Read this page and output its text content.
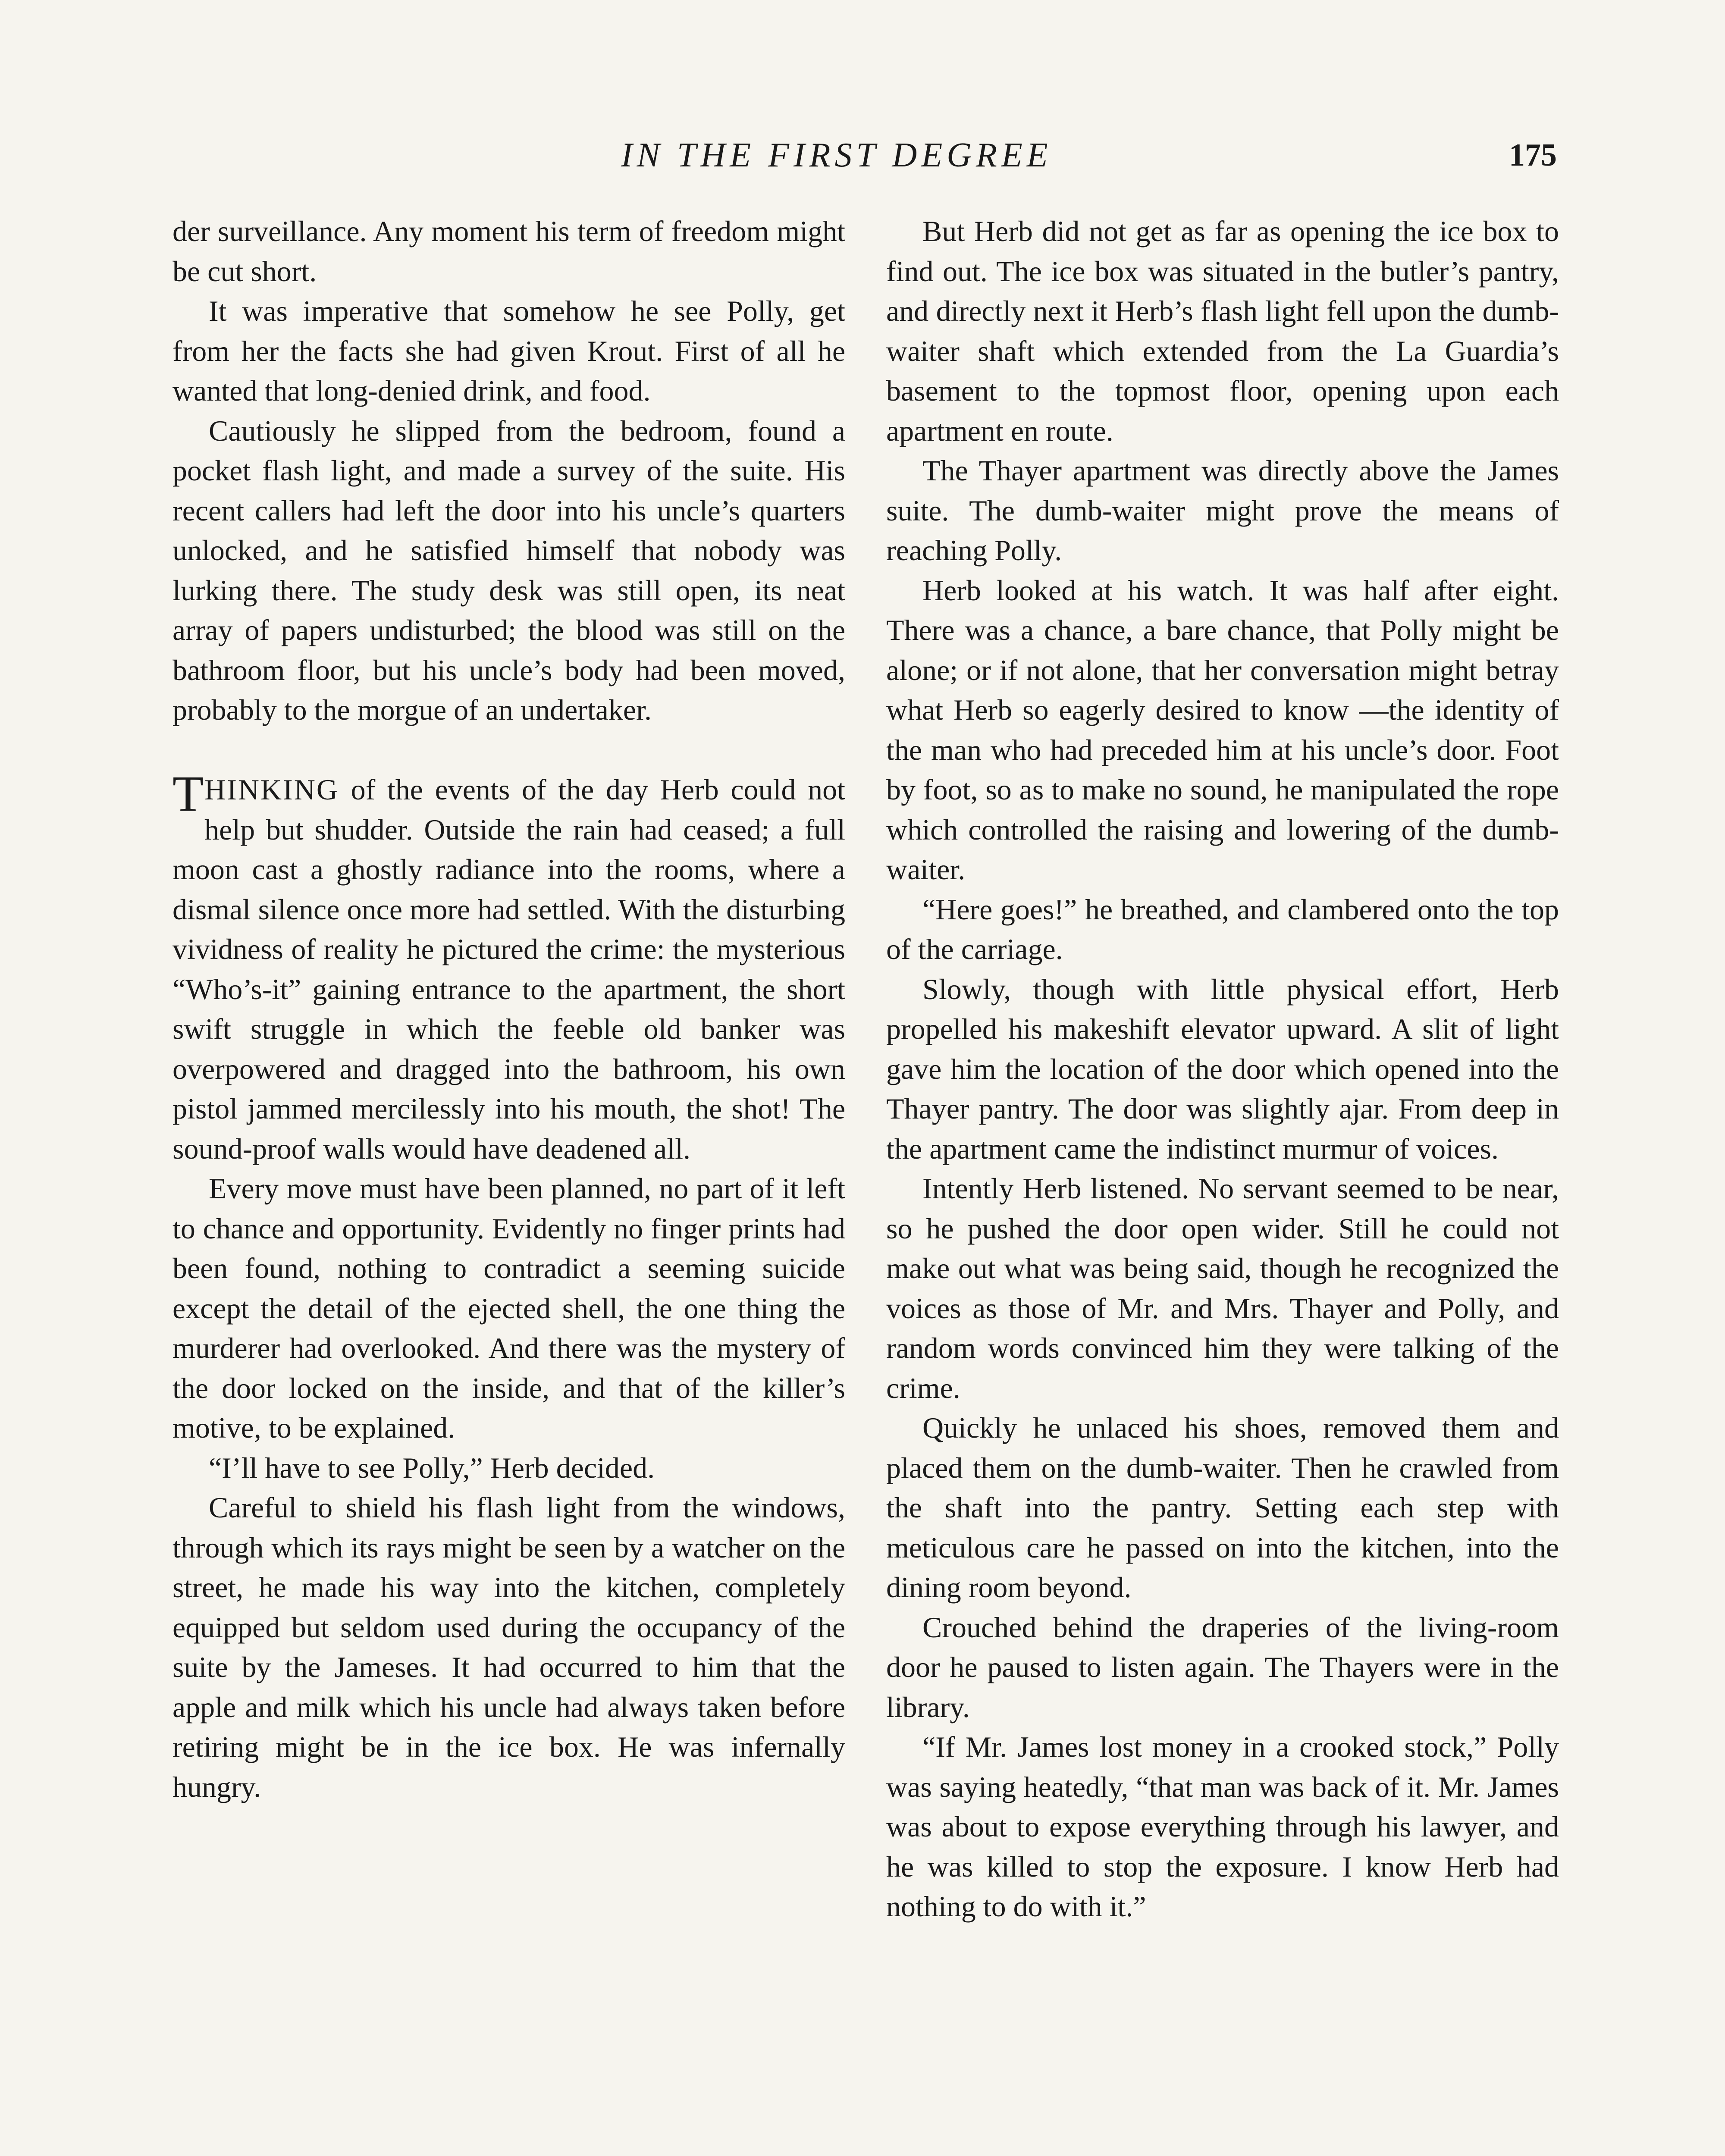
IN THE FIRST DEGREE	175

der surveillance. Any moment his term of freedom might be cut short.

It was imperative that somehow he see Polly, get from her the facts she had given Krout. First of all he wanted that long-denied drink, and food.

Cautiously he slipped from the bedroom, found a pocket flash light, and made a survey of the suite. His recent callers had left the door into his uncle’s quarters unlocked, and he satisfied himself that nobody was lurking there. The study desk was still open, its neat array of papers undisturbed; the blood was still on the bathroom floor, but his uncle’s body had been moved, probably to the morgue of an undertaker.

THINKING of the events of the day Herb could not help but shudder. Outside the rain had ceased; a full moon cast a ghostly radiance into the rooms, where a dismal silence once more had settled. With the disturbing vividness of reality he pictured the crime: the mysterious “Who’s-it” gaining entrance to the apartment, the short swift struggle in which the feeble old banker was overpowered and dragged into the bathroom, his own pistol jammed mercilessly into his mouth, the shot! The sound-proof walls would have deadened all.

Every move must have been planned, no part of it left to chance and opportunity. Evidently no finger prints had been found, nothing to contradict a seeming suicide except the detail of the ejected shell, the one thing the murderer had overlooked. And there was the mystery of the door locked on the inside, and that of the killer’s motive, to be explained.

“I’ll have to see Polly,” Herb decided.

Careful to shield his flash light from the windows, through which its rays might be seen by a watcher on the street, he made his way into the kitchen, completely equipped but seldom used during the occupancy of the suite by the Jameses. It had occurred to him that the apple and milk which his uncle had always taken before retiring might be in the ice box. He was infernally hungry.

But Herb did not get as far as opening the ice box to find out. The ice box was situated in the butler’s pantry, and directly next it Herb’s flash light fell upon the dumb-waiter shaft which extended from the La Guardia’s basement to the topmost floor, opening upon each apartment en route.

The Thayer apartment was directly above the James suite. The dumb-waiter might prove the means of reaching Polly.

Herb looked at his watch. It was half after eight. There was a chance, a bare chance, that Polly might be alone; or if not alone, that her conversation might betray what Herb so eagerly desired to know —the identity of the man who had preceded him at his uncle’s door. Foot by foot, so as to make no sound, he manipulated the rope which controlled the raising and lowering of the dumb-waiter.

“Here goes!” he breathed, and clambered onto the top of the carriage.

Slowly, though with little physical effort, Herb propelled his makeshift elevator upward. A slit of light gave him the location of the door which opened into the Thayer pantry. The door was slightly ajar. From deep in the apartment came the indistinct murmur of voices.

Intently Herb listened. No servant seemed to be near, so he pushed the door open wider. Still he could not make out what was being said, though he recognized the voices as those of Mr. and Mrs. Thayer and Polly, and random words convinced him they were talking of the crime.

Quickly he unlaced his shoes, removed them and placed them on the dumb-waiter. Then he crawled from the shaft into the pantry. Setting each step with meticulous care he passed on into the kitchen, into the dining room beyond.

Crouched behind the draperies of the living-room door he paused to listen again. The Thayers were in the library.

“If Mr. James lost money in a crooked stock,” Polly was saying heatedly, “that man was back of it. Mr. James was about to expose everything through his lawyer, and he was killed to stop the exposure. I know Herb had nothing to do with it.”
